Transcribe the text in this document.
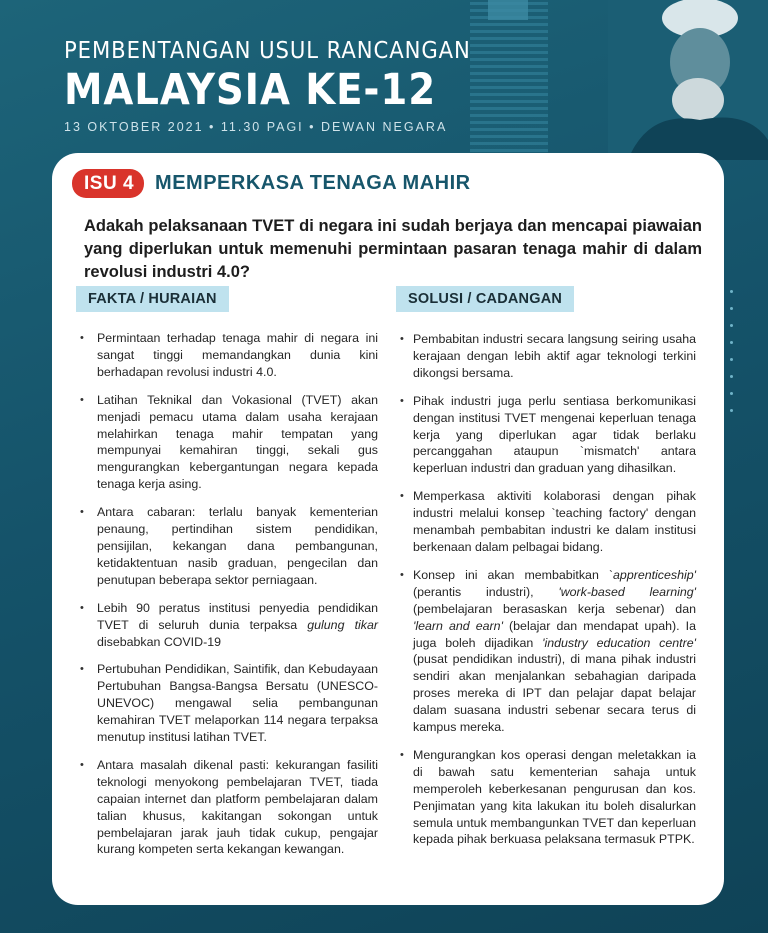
PEMBENTANGAN USUL RANCANGAN
MALAYSIA KE-12
13 OKTOBER 2021 • 11.30 PAGI • DEWAN NEGARA
ISU 4	MEMPERKASA TENAGA MAHIR
Adakah pelaksanaan TVET di negara ini sudah berjaya dan mencapai piawaian yang diperlukan untuk memenuhi permintaan pasaran tenaga mahir di dalam revolusi industri 4.0?
FAKTA / HURAIAN
• Permintaan terhadap tenaga mahir di negara ini sangat tinggi memandangkan dunia kini berhadapan revolusi industri 4.0.
• Latihan Teknikal dan Vokasional (TVET) akan menjadi pemacu utama dalam usaha kerajaan melahirkan tenaga mahir tempatan yang mempunyai kemahiran tinggi, sekali gus mengurangkan kebergantungan negara kepada tenaga kerja asing.
• Antara cabaran: terlalu banyak kementerian penaung, pertindihan sistem pendidikan, pensijilan, kekangan dana pembangunan, ketidaktentuan nasib graduan, pengecilan dan penutupan beberapa sektor perniagaan.
• Lebih 90 peratus institusi penyedia pendidikan TVET di seluruh dunia terpaksa gulung tikar disebabkan COVID-19
• Pertubuhan Pendidikan, Saintifik, dan Kebudayaan Pertubuhan Bangsa-Bangsa Bersatu (UNESCO-UNEVOC) mengawal selia pembangunan kemahiran TVET melaporkan 114 negara terpaksa menutup institusi latihan TVET.
• Antara masalah dikenal pasti: kekurangan fasiliti teknologi menyokong pembelajaran TVET, tiada capaian internet dan platform pembelajaran dalam talian khusus, kakitangan sokongan untuk pembelajaran jarak jauh tidak cukup, pengajar kurang kompeten serta kekangan kewangan.
SOLUSI / CADANGAN
• Pembabitan industri secara langsung seiring usaha kerajaan dengan lebih aktif agar teknologi terkini dikongsi bersama.
• Pihak industri juga perlu sentiasa berkomunikasi dengan institusi TVET mengenai keperluan tenaga kerja yang diperlukan agar tidak berlaku percanggahan ataupun `mismatch' antara keperluan industri dan graduan yang dihasilkan.
• Memperkasa aktiviti kolaborasi dengan pihak industri melalui konsep `teaching factory' dengan menambah pembabitan industri ke dalam institusi berkenaan dalam pelbagai bidang.
• Konsep ini akan membabitkan `apprenticeship' (perantis industri), 'work-based learning' (pembelajaran berasaskan kerja sebenar) dan 'learn and earn' (belajar dan mendapat upah). Ia juga boleh dijadikan 'industry education centre' (pusat pendidikan industri), di mana pihak industri sendiri akan menjalankan sebahagian daripada proses mereka di IPT dan pelajar dapat belajar dalam suasana industri sebenar secara terus di kampus mereka.
• Mengurangkan kos operasi dengan meletakkan ia di bawah satu kementerian sahaja untuk memperoleh keberkesanan pengurusan dan kos. Penjimatan yang kita lakukan itu boleh disalurkan semula untuk membangunkan TVET dan keperluan kepada pihak berkuasa pelaksana termasuk PTPK.
